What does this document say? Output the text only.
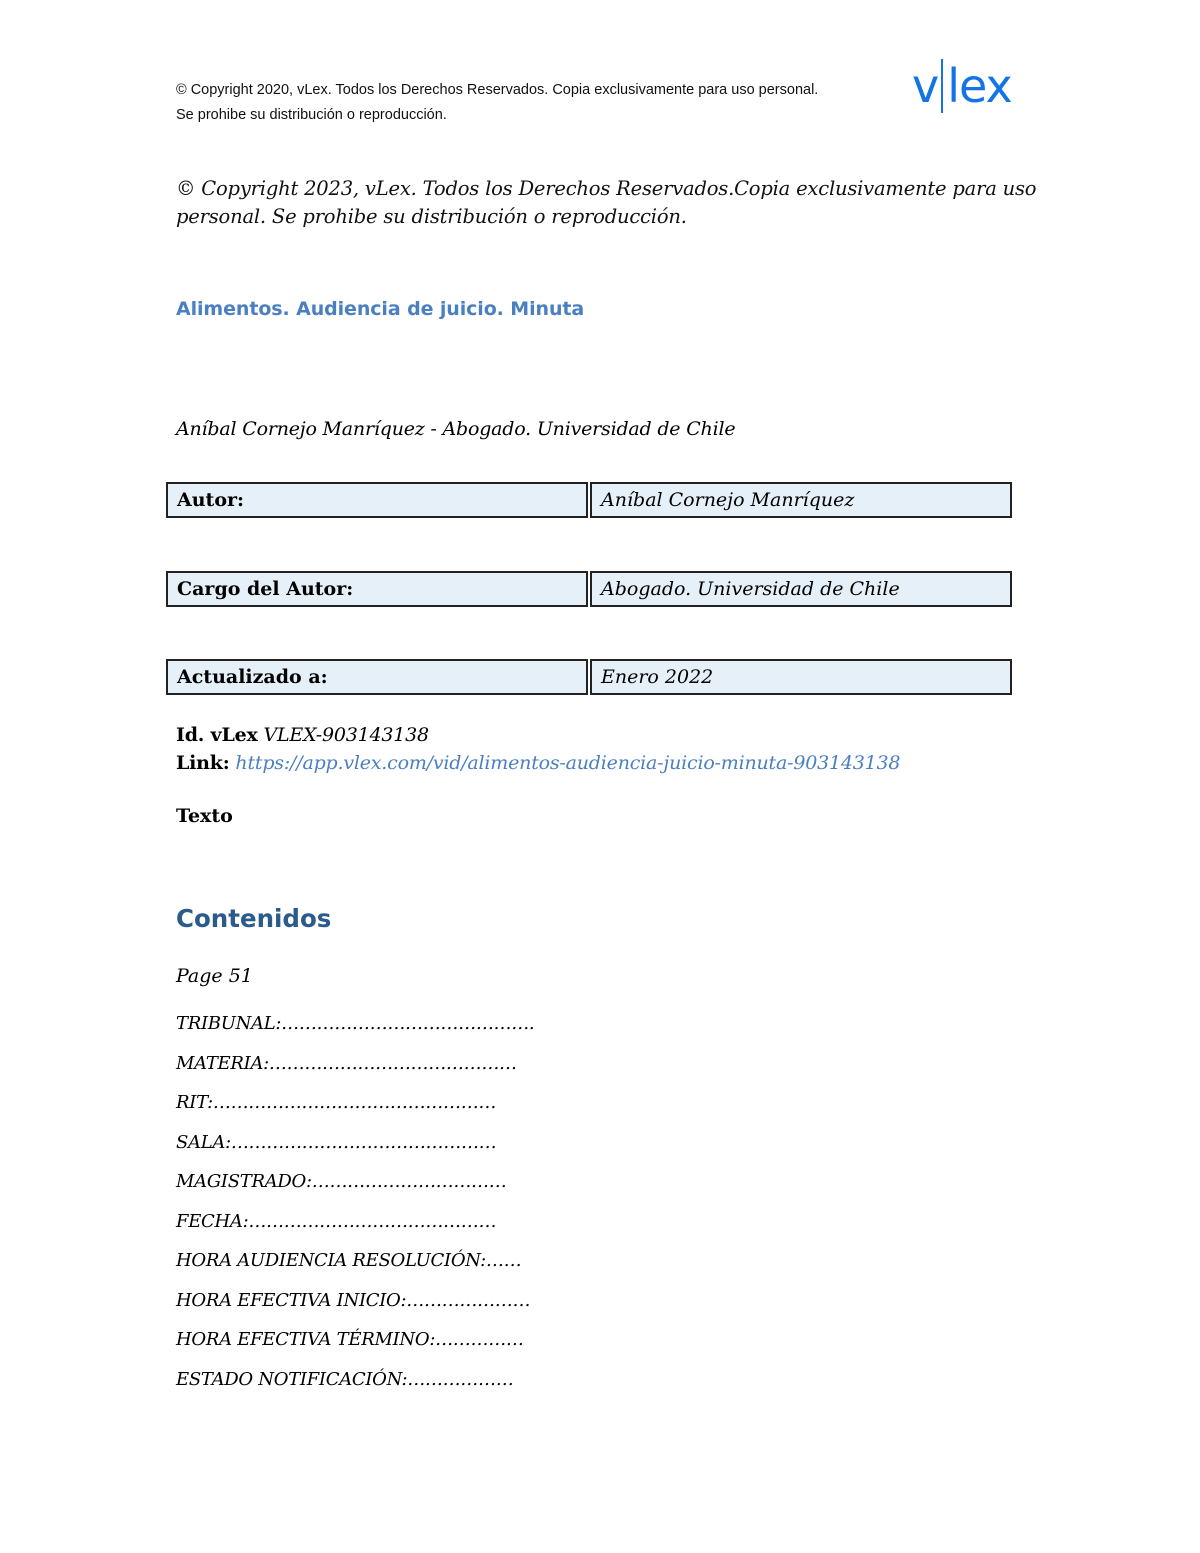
© Copyright 2020, vLex. Todos los Derechos Reservados. Copia exclusivamente para uso personal.
Se prohibe su distribución o reproducción.
v lex
© Copyright 2023, vLex. Todos los Derechos Reservados.Copia exclusivamente para uso personal. Se prohibe su distribución o reproducción.
Alimentos. Audiencia de juicio. Minuta
Aníbal Cornejo Manríquez - Abogado. Universidad de Chile
Autor:	Aníbal Cornejo Manríquez
Cargo del Autor:	Abogado. Universidad de Chile
Actualizado a:	Enero 2022
Id. vLex VLEX-903143138
Link: https://app.vlex.com/vid/alimentos-audiencia-juicio-minuta-903143138
Texto
Contenidos
Page 51
TRIBUNAL:…………………………………….
MATERIA:……………………………………
RIT:…………………………………………
SALA:………………………………………
MAGISTRADO:……………………………
FECHA:……………………………………
HORA AUDIENCIA RESOLUCIÓN:……
HORA EFECTIVA INICIO:…………………
HORA EFECTIVA TÉRMINO:……………
ESTADO NOTIFICACIÓN:………………
